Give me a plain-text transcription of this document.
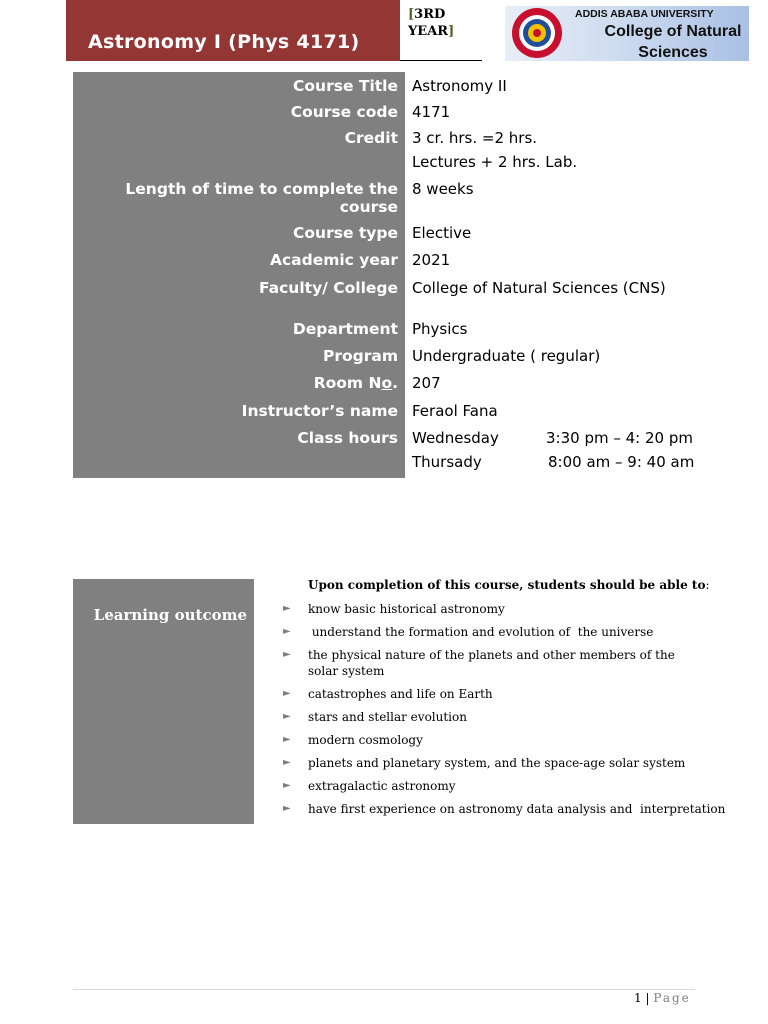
Astronomy I (Phys 4171)
[3RD YEAR]
ADDIS ABABA UNIVERSITY
College of Natural
Sciences
Course Title Astronomy II
Course code 4171
Credit 3 cr. hrs. =2 hrs.
Lectures + 2 hrs. Lab.
Length of time to complete the
course
8 weeks
Course type Elective
Academic year 2021
Faculty/ College College of Natural Sciences (CNS)
Department Physics
Program Undergraduate ( regular)
Room No. 207
Instructor’s name Feraol Fana
Class hours Wednesday	3:30 pm – 4: 20 pm
Thursady	8:00 am – 9: 40 am
Learning outcome
Upon completion of this course, students should be able to:
► know basic historical astronomy
► understand the formation and evolution of  the universe
► the physical nature of the planets and other members of the solar system
► catastrophes and life on Earth
► stars and stellar evolution
► modern cosmology
► planets and planetary system, and the space-age solar system
► extragalactic astronomy
► have first experience on astronomy data analysis and  interpretation
1 | Page
